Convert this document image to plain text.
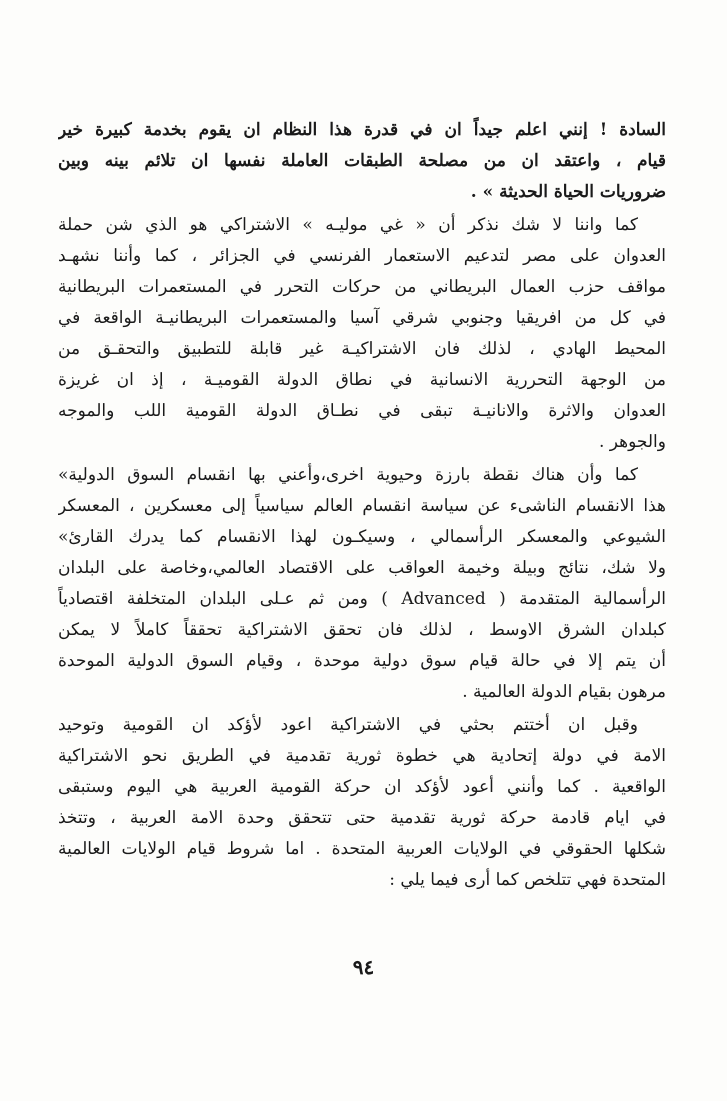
السادة ! إنني اعلم جيداً ان في قدرة هذا النظام ان يقوم بخدمة كبيرة خير
قيام ، واعتقد ان من مصلحة الطبقات العاملة نفسها ان تلائم بينه وبين
ضروريات الحياة الحديثة » .
كما واننا لا شك نذكر أن « غي موليـه » الاشتراكي هو الذي شن حملة
العدوان على مصر لتدعيم الاستعمار الفرنسي في الجزائر ، كما وأننا نشهـد
مواقف حزب العمال البريطاني من حركات التحرر في المستعمرات البريطانية
في كل من افريقيا وجنوبي شرقي آسيا والمستعمرات البريطانيـة الواقعة في
المحيط الهادي ، لذلك فان الاشتراكيـة غير قابلة للتطبيق والتحقـق من
من الوجهة التحررية الانسانية في نطاق الدولة القوميـة ، إذ ان غريزة
العدوان والاثرة والانانيـة تبقى في نطـاق الدولة القومية اللب والموجه
والجوهر .
كما وأن هناك نقطة بارزة وحيوية اخرى،وأعني بها انقسام السوق الدولية»
هذا الانقسام الناشىء عن سياسة انقسام العالم سياسياً إلى معسكرين ، المعسكر
الشيوعي والمعسكر الرأسمالي ، وسيكـون لهذا الانقسام كما يدرك القارئ»
ولا شك، نتائج وبيلة وخيمة العواقب على الاقتصاد العالمي،وخاصة على البلدان
الرأسمالية المتقدمة ( Advanced ) ومن ثم عـلى البلدان المتخلفة اقتصادياً
كبلدان الشرق الاوسط ، لذلك فان تحقق الاشتراكية تحققاً كاملاً لا يمكن
أن يتم إلا في حالة قيام سوق دولية موحدة ، وقيام السوق الدولية الموحدة
مرهون بقيام الدولة العالمية .
وقبل ان أختتم بحثي في الاشتراكية اعود لأؤكد ان القومية وتوحيد
الامة في دولة إتحادية هي خطوة ثورية تقدمية في الطريق نحو الاشتراكية
الواقعية . كما وأنني أعود لأؤكد ان حركة القومية العربية هي اليوم وستبقى
في ايام قادمة حركة ثورية تقدمية حتى تتحقق وحدة الامة العربية ، وتتخذ
شكلها الحقوقي في الولايات العربية المتحدة . اما شروط قيام الولايات العالمية
المتحدة فهي تتلخص كما أرى فيما يلي :
٩٤
